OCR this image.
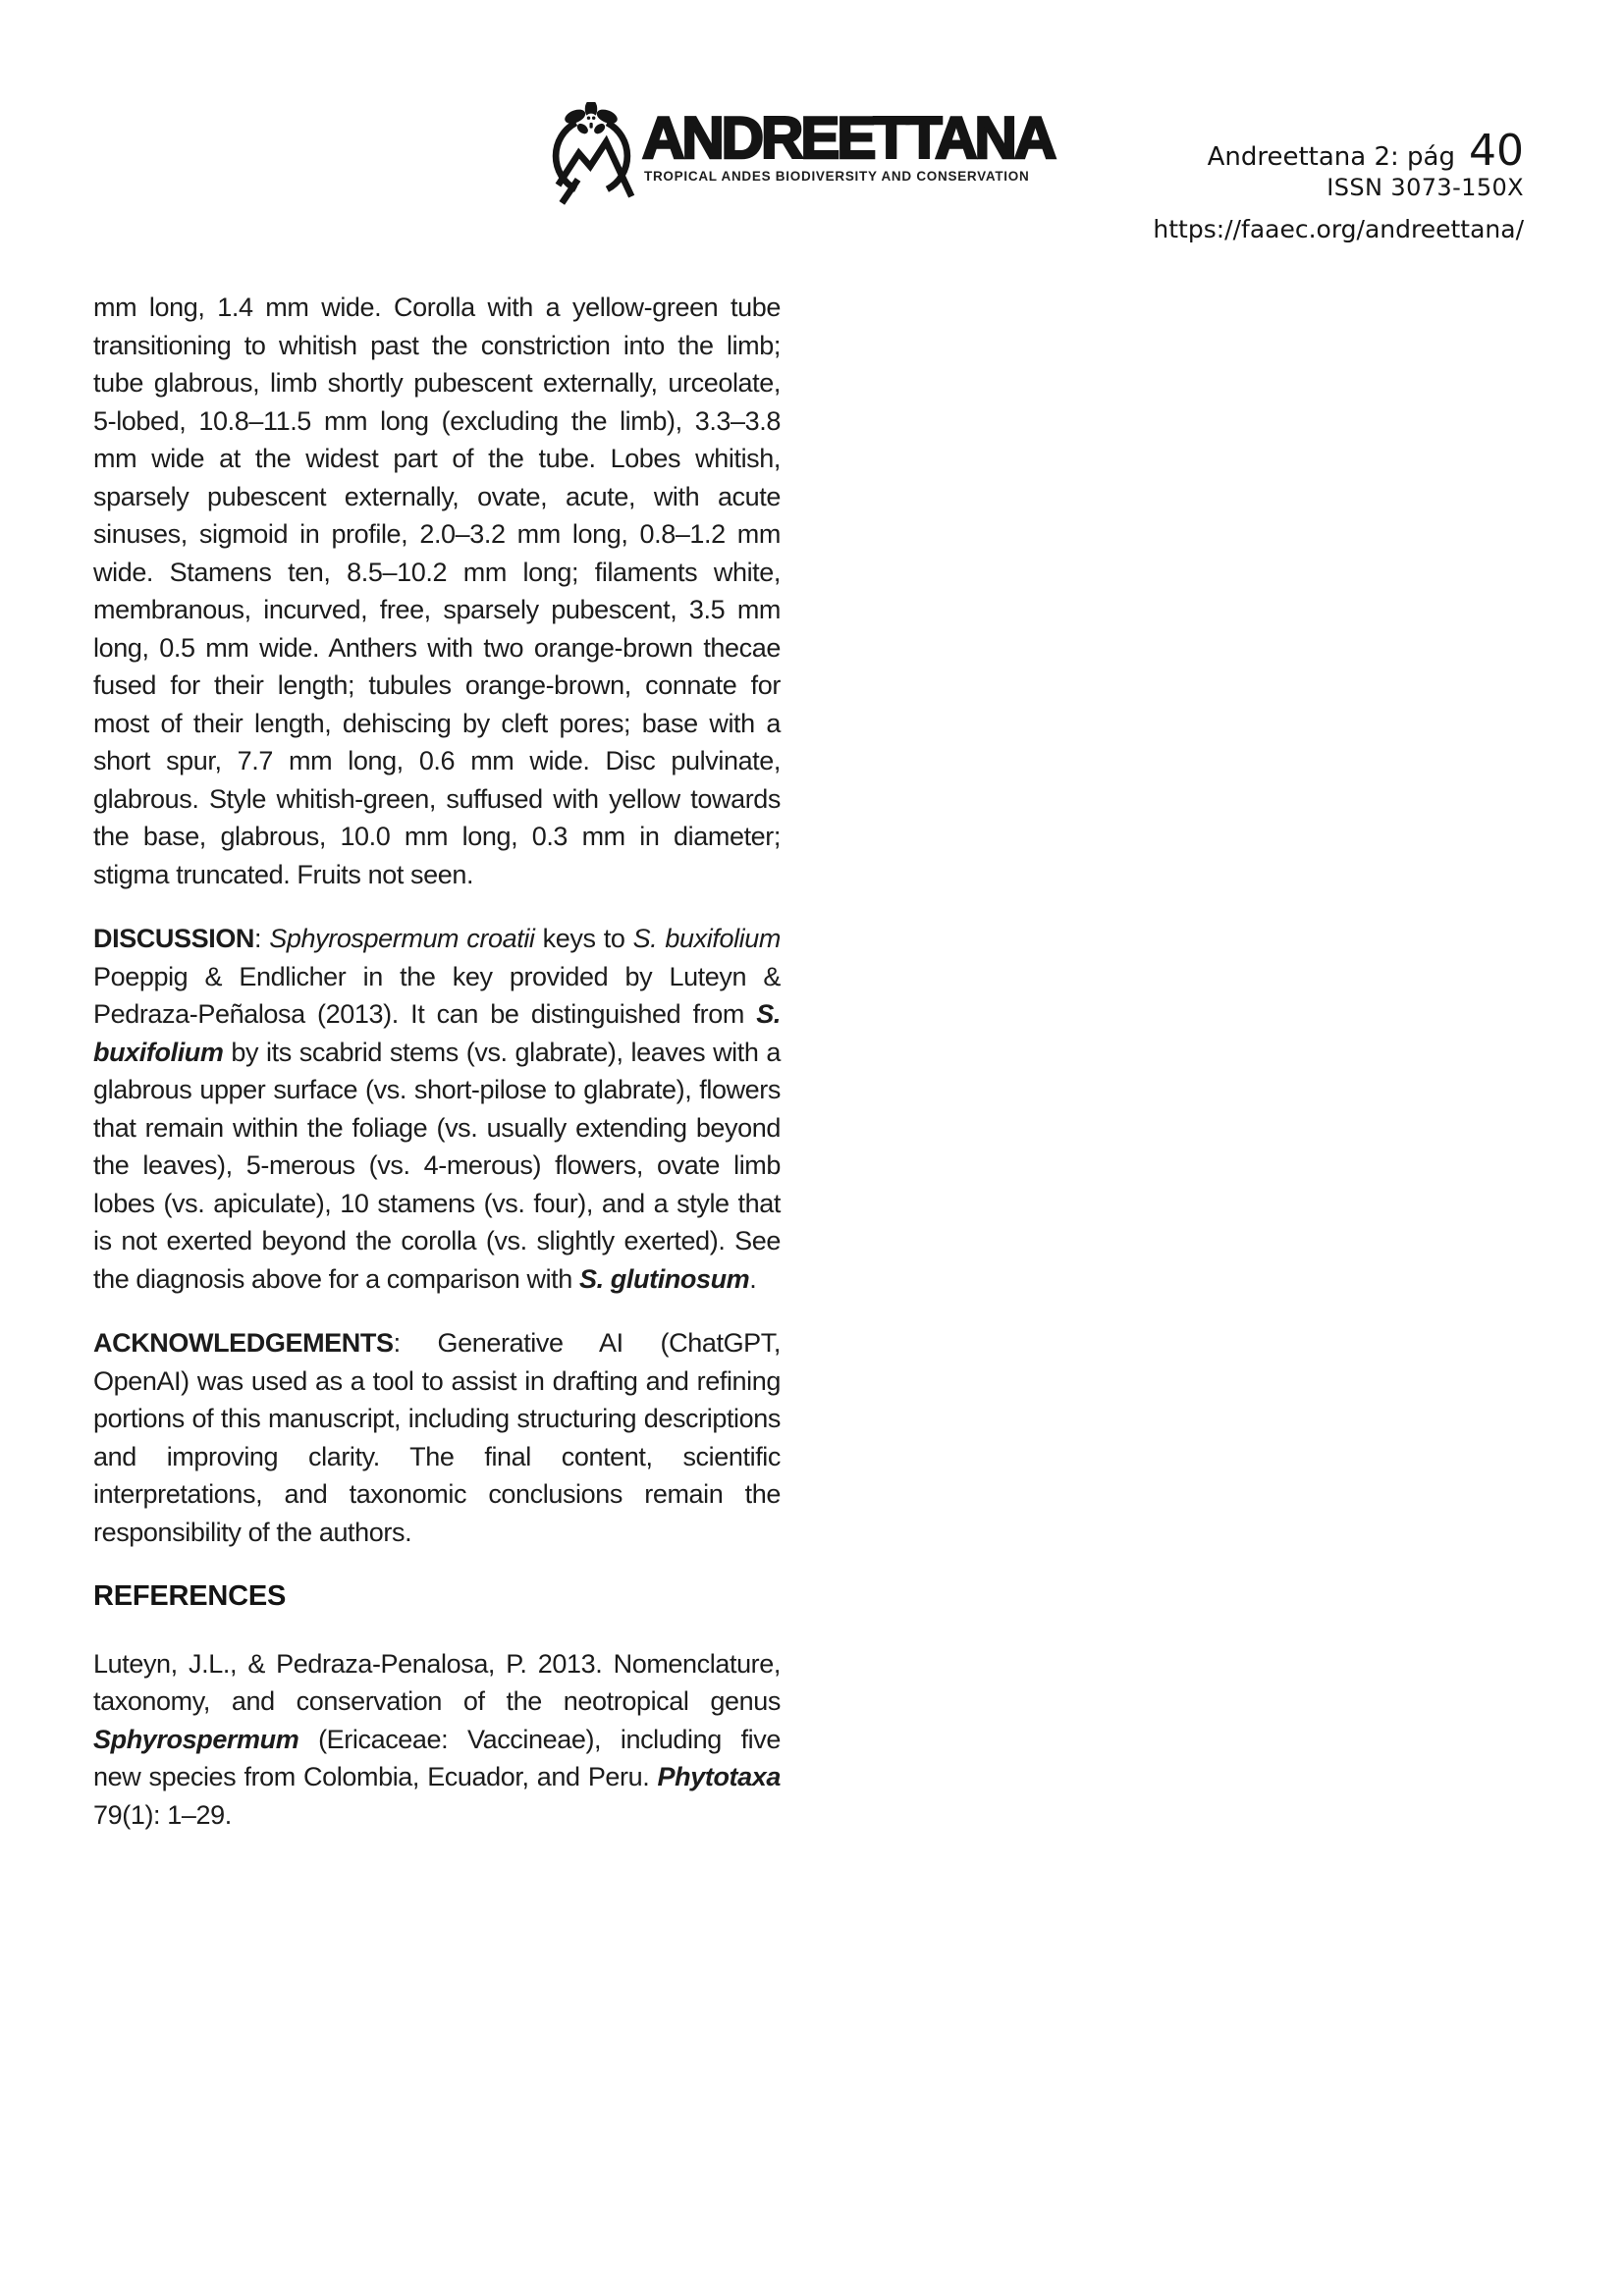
ANDREETTANA
TROPICAL ANDES BIODIVERSITY AND CONSERVATION
Andreettana 2: pág 40
ISSN 3073-150X
https://faaec.org/andreettana/

mm long, 1.4 mm wide. Corolla with a yellow-green tube transitioning to whitish past the constriction into the limb; tube glabrous, limb shortly pubescent externally, urceolate, 5-lobed, 10.8–11.5 mm long (excluding the limb), 3.3–3.8 mm wide at the widest part of the tube. Lobes whitish, sparsely pubescent externally, ovate, acute, with acute sinuses, sigmoid in profile, 2.0–3.2 mm long, 0.8–1.2 mm wide. Stamens ten, 8.5–10.2 mm long; filaments white, membranous, incurved, free, sparsely pubescent, 3.5 mm long, 0.5 mm wide. Anthers with two orange-brown thecae fused for their length; tubules orange-brown, connate for most of their length, dehiscing by cleft pores; base with a short spur, 7.7 mm long, 0.6 mm wide. Disc pulvinate, glabrous. Style whitish-green, suffused with yellow towards the base, glabrous, 10.0 mm long, 0.3 mm in diameter; stigma truncated. Fruits not seen.

DISCUSSION: Sphyrospermum croatii keys to S. buxifolium Poeppig & Endlicher in the key provided by Luteyn & Pedraza-Peñalosa (2013). It can be distinguished from S. buxifolium by its scabrid stems (vs. glabrate), leaves with a glabrous upper surface (vs. short-pilose to glabrate), flowers that remain within the foliage (vs. usually extending beyond the leaves), 5-merous (vs. 4-merous) flowers, ovate limb lobes (vs. apiculate), 10 stamens (vs. four), and a style that is not exerted beyond the corolla (vs. slightly exerted). See the diagnosis above for a comparison with S. glutinosum.

ACKNOWLEDGEMENTS: Generative AI (ChatGPT, OpenAI) was used as a tool to assist in drafting and refining portions of this manuscript, including structuring descriptions and improving clarity. The final content, scientific interpretations, and taxonomic conclusions remain the responsibility of the authors.

REFERENCES

Luteyn, J.L., & Pedraza-Penalosa, P. 2013. Nomenclature, taxonomy, and conservation of the neotropical genus Sphyrospermum (Ericaceae: Vaccineae), including five new species from Colombia, Ecuador, and Peru. Phytotaxa 79(1): 1–29.
